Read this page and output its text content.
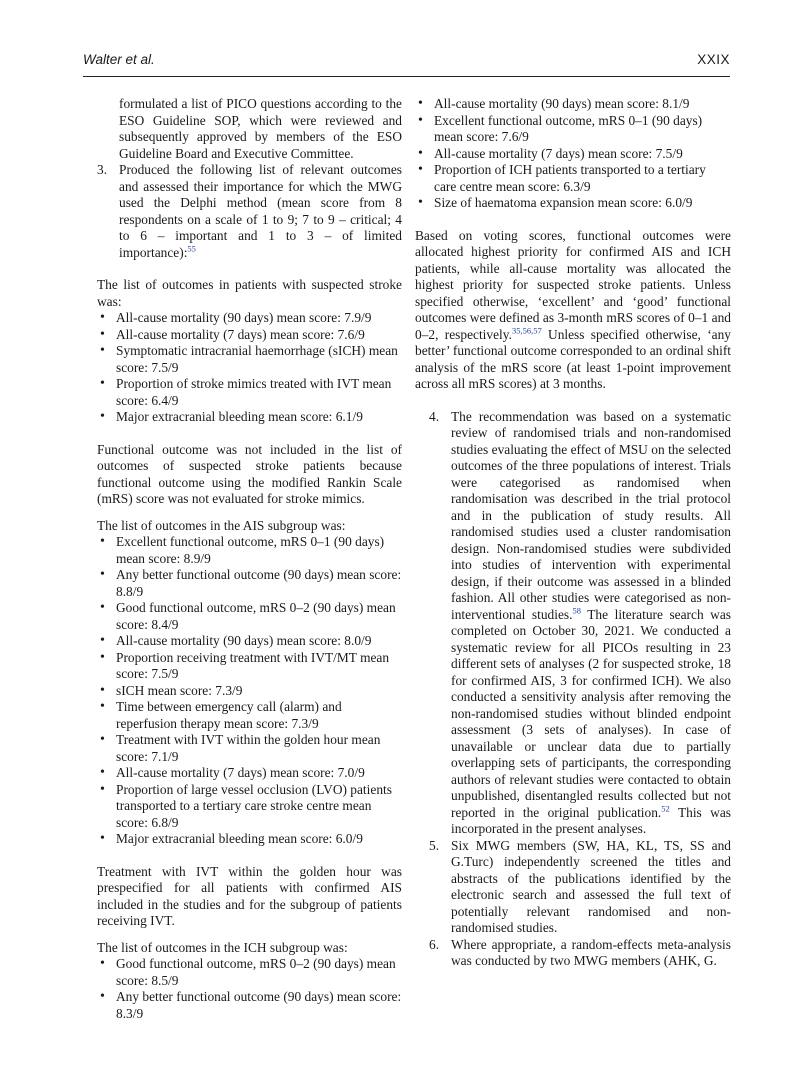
Walter et al.	XXIX

formulated a list of PICO questions according to the ESO Guideline SOP, which were reviewed and subsequently approved by members of the ESO Guideline Board and Executive Committee.

3. Produced the following list of relevant outcomes and assessed their importance for which the MWG used the Delphi method (mean score from 8 respondents on a scale of 1 to 9; 7 to 9 – critical; 4 to 6 – important and 1 to 3 – of limited importance):$^{55}$

The list of outcomes in patients with suspected stroke was:

• All-cause mortality (90 days) mean score: 7.9/9
• All-cause mortality (7 days) mean score: 7.6/9
• Symptomatic intracranial haemorrhage (sICH) mean score: 7.5/9
• Proportion of stroke mimics treated with IVT mean score: 6.4/9
• Major extracranial bleeding mean score: 6.1/9

Functional outcome was not included in the list of outcomes of suspected stroke patients because functional outcome using the modified Rankin Scale (mRS) score was not evaluated for stroke mimics.

The list of outcomes in the AIS subgroup was:

• Excellent functional outcome, mRS 0–1 (90 days) mean score: 8.9/9
• Any better functional outcome (90 days) mean score: 8.8/9
• Good functional outcome, mRS 0–2 (90 days) mean score: 8.4/9
• All-cause mortality (90 days) mean score: 8.0/9
• Proportion receiving treatment with IVT/MT mean score: 7.5/9
• sICH mean score: 7.3/9
• Time between emergency call (alarm) and reperfusion therapy mean score: 7.3/9
• Treatment with IVT within the golden hour mean score: 7.1/9
• All-cause mortality (7 days) mean score: 7.0/9
• Proportion of large vessel occlusion (LVO) patients transported to a tertiary care stroke centre mean score: 6.8/9
• Major extracranial bleeding mean score: 6.0/9

Treatment with IVT within the golden hour was prespecified for all patients with confirmed AIS included in the studies and for the subgroup of patients receiving IVT.

The list of outcomes in the ICH subgroup was:

• Good functional outcome, mRS 0–2 (90 days) mean score: 8.5/9
• Any better functional outcome (90 days) mean score: 8.3/9
• All-cause mortality (90 days) mean score: 8.1/9
• Excellent functional outcome, mRS 0–1 (90 days) mean score: 7.6/9
• All-cause mortality (7 days) mean score: 7.5/9
• Proportion of ICH patients transported to a tertiary care centre mean score: 6.3/9
• Size of haematoma expansion mean score: 6.0/9

Based on voting scores, functional outcomes were allocated highest priority for confirmed AIS and ICH patients, while all-cause mortality was allocated the highest priority for suspected stroke patients. Unless specified otherwise, ‘excellent’ and ‘good’ functional outcomes were defined as 3-month mRS scores of 0–1 and 0–2, respectively.$^{35,56,57}$ Unless specified otherwise, ‘any better’ functional outcome corresponded to an ordinal shift analysis of the mRS score (at least 1-point improvement across all mRS scores) at 3 months.

4. The recommendation was based on a systematic review of randomised trials and non-randomised studies evaluating the effect of MSU on the selected outcomes of the three populations of interest. Trials were categorised as randomised when randomisation was described in the trial protocol and in the publication of study results. All randomised studies used a cluster randomisation design. Non-randomised studies were subdivided into studies of intervention with experimental design, if their outcome was assessed in a blinded fashion. All other studies were categorised as non-interventional studies.$^{58}$ The literature search was completed on October 30, 2021. We conducted a systematic review for all PICOs resulting in 23 different sets of analyses (2 for suspected stroke, 18 for confirmed AIS, 3 for confirmed ICH). We also conducted a sensitivity analysis after removing the non-randomised studies without blinded endpoint assessment (3 sets of analyses). In case of unavailable or unclear data due to partially overlapping sets of participants, the corresponding authors of relevant studies were contacted to obtain unpublished, disentangled results collected but not reported in the original publication.$^{52}$ This was incorporated in the present analyses.
5. Six MWG members (SW, HA, KL, TS, SS and G.Turc) independently screened the titles and abstracts of the publications identified by the electronic search and assessed the full text of potentially relevant randomised and non-randomised studies.
6. Where appropriate, a random-effects meta-analysis was conducted by two MWG members (AHK, G.
